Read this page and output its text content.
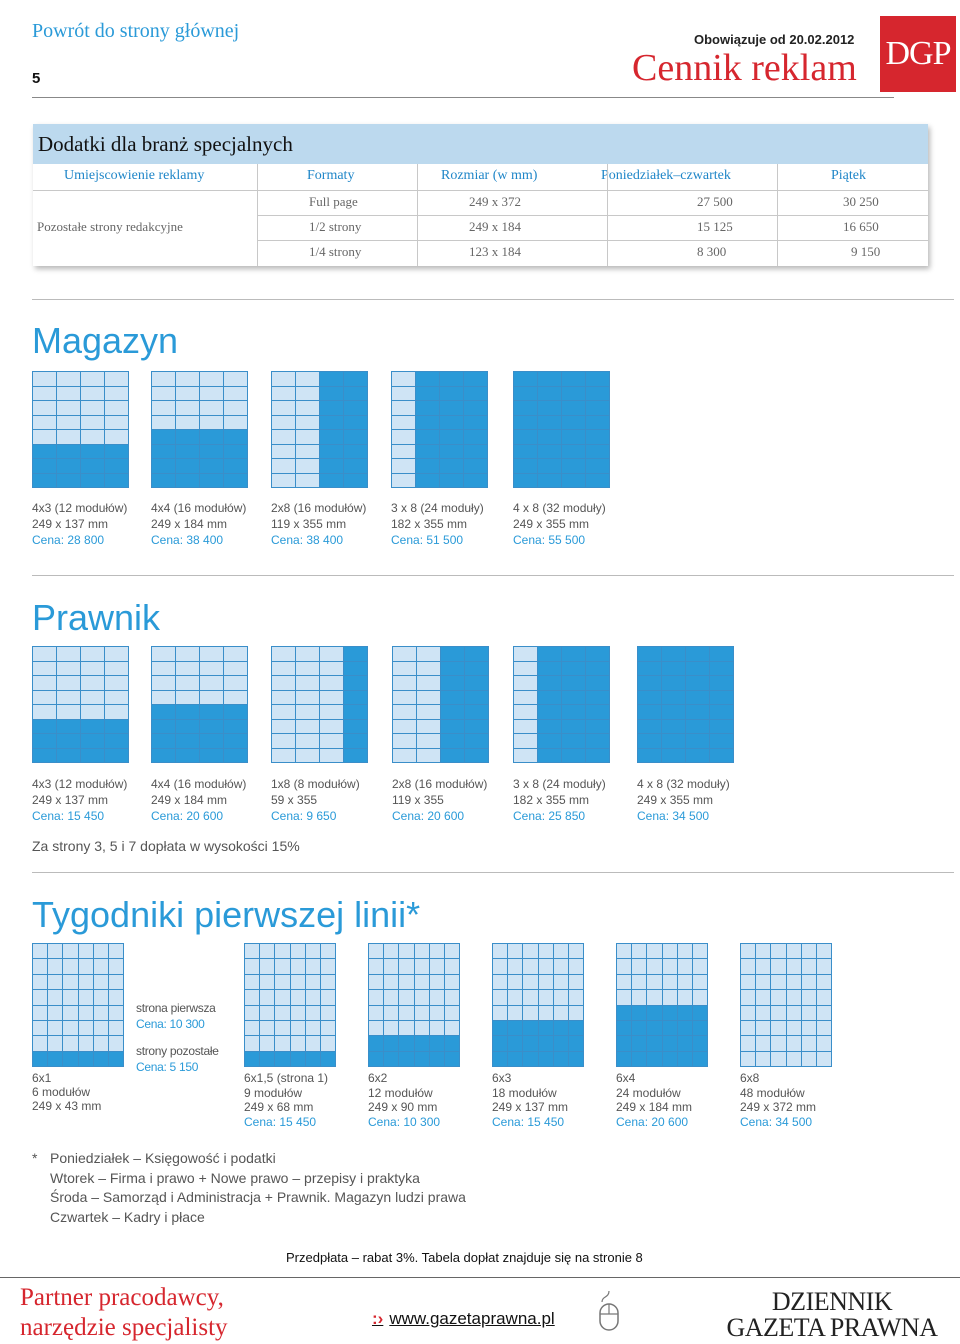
Powrót do strony głównej
5
Obowiązuje od 20.02.2012
Cennik reklam DGP
Dodatki dla branż specjalnych
Umiejscowienie reklamy	Formaty	Rozmiar (w mm)	Poniedziałek–czwartek	Piątek
Pozostałe strony redakcyjne
Full page	249 x 372	27 500	30 250
1/2 strony	249 x 184	15 125	16 650
1/4 strony	123 x 184	8 300	9 150
Magazyn
4x3 (12 modułów)
249 x 137 mm
Cena: 28 800
4x4 (16 modułów)
249 x 184 mm
Cena: 38 400
2x8 (16 modułów)
119 x 355 mm
Cena: 38 400
3 x 8 (24 moduły)
182 x 355 mm
Cena: 51 500
4 x 8 (32 moduły)
249 x 355 mm
Cena: 55 500
Prawnik
4x3 (12 modułów)
249 x 137 mm
Cena: 15 450
4x4 (16 modułów)
249 x 184 mm
Cena: 20 600
1x8 (8 modułów)
59 x 355
Cena: 9 650
2x8 (16 modułów)
119 x 355
Cena: 20 600
3 x 8 (24 moduły)
182 x 355 mm
Cena: 25 850
4 x 8 (32 moduły)
249 x 355 mm
Cena: 34 500
Za strony 3, 5 i 7 dopłata w wysokości 15%
Tygodniki pierwszej linii*
strona pierwsza
Cena: 10 300
strony pozostałe
Cena: 5 150
6x1
6 modułów
249 x 43 mm
6x1,5 (strona 1)
9 modułów
249 x 68 mm
Cena: 15 450
6x2
12 modułów
249 x 90 mm
Cena: 10 300
6x3
18 modułów
249 x 137 mm
Cena: 15 450
6x4
24 modułów
249 x 184 mm
Cena: 20 600
6x8
48 modułów
249 x 372 mm
Cena: 34 500
* Poniedziałek – Księgowość i podatki
Wtorek – Firma i prawo + Nowe prawo – przepisy i praktyka
Środa – Samorząd i Administracja + Prawnik. Magazyn ludzi prawa
Czwartek – Kadry i płace
Przedpłata – rabat 3%. Tabela dopłat znajduje się na stronie 8
Partner pracodawcy,
narzędzie specjalisty	:› www.gazetaprawna.pl
DZIENNIK
GAZETA PRAWNA
